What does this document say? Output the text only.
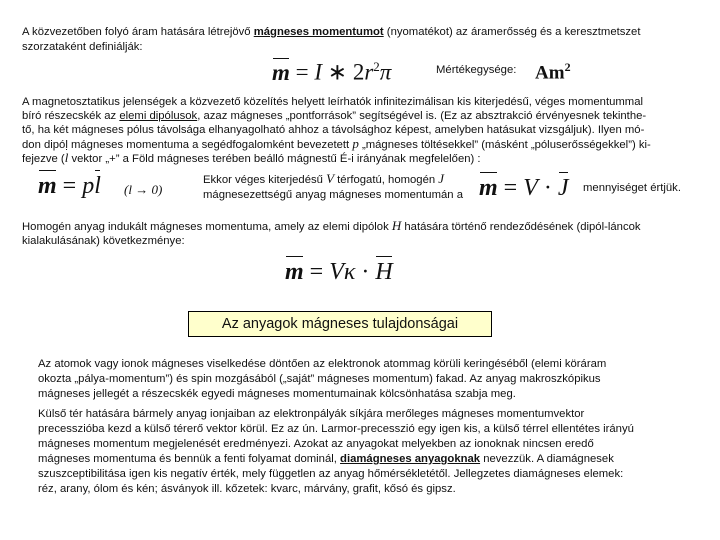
A közvezetőben folyó áram hatására létrejövő mágneses momentumot (nyomatékot) az áramerősség és a keresztmetszet
szorzataként definiálják:
m = I ∗ $2r^2\pi$	Mértékegysége: Am$^2$
A magnetosztatikus jelenségek a közvezető közelítés helyett leírhatók infinitezimálisan kis kiterjedésű, véges momentummal
bíró részecskék az elemi dipólusok, azaz mágneses „pontforrások” segítségével is. (Ez az absztrakció érvényesnek tekinthe-
tő, ha két mágneses pólus távolsága elhanyagolható ahhoz a távolsághoz képest, amelyben hatásukat vizsgáljuk). Ilyen mó-
don dipól mágneses momentuma a segédfogalomként bevezetett p „mágneses töltésekkel” (másként „póluserősségekkel”) ki-
fejezve (l vektor „+” a Föld mágneses terében beálló mágnestű É-i irányának megfelelően) :
m = pl (l → 0)
Ekkor véges kiterjedésű V térfogatú, homogén J
mágnesezettségű anyag mágneses momentumán a m = V · J mennyiséget értjük.
Homogén anyag indukált mágneses momentuma, amely az elemi dipólok H hatására történő rendeződésének (dipól-láncok
kialakulásának) következménye:
m = Vκ · H
Az anyagok mágneses tulajdonságai
Az atomok vagy ionok mágneses viselkedése döntően az elektronok atommag körüli keringéséből (elemi köráram
okozta „pálya-momentum”) és spin mozgásából („saját” mágneses momentum) fakad. Az anyag makroszkópikus
mágneses jellegét a részecskék egyedi mágneses momentumainak kölcsönhatása szabja meg.
Külső tér hatására bármely anyag ionjaiban az elektronpályák síkjára merőleges mágneses momentumvektor
precesszióba kezd a külső térerő vektor körül. Ez az ún. Larmor-precesszió egy igen kis, a külső térrel ellentétes irányú
mágneses momentum megjelenését eredményezi. Azokat az anyagokat melyekben az ionoknak nincsen eredő
mágneses momentuma és bennük a fenti folyamat dominál, diamágneses anyagoknak nevezzük. A diamágnesek
szuszceptibilitása igen kis negatív érték, mely független az anyag hőmérsékletétől. Jellegzetes diamágneses elemek:
réz, arany, ólom és kén; ásványok ill. kőzetek: kvarc, márvány, grafit, kősó és gipsz.
